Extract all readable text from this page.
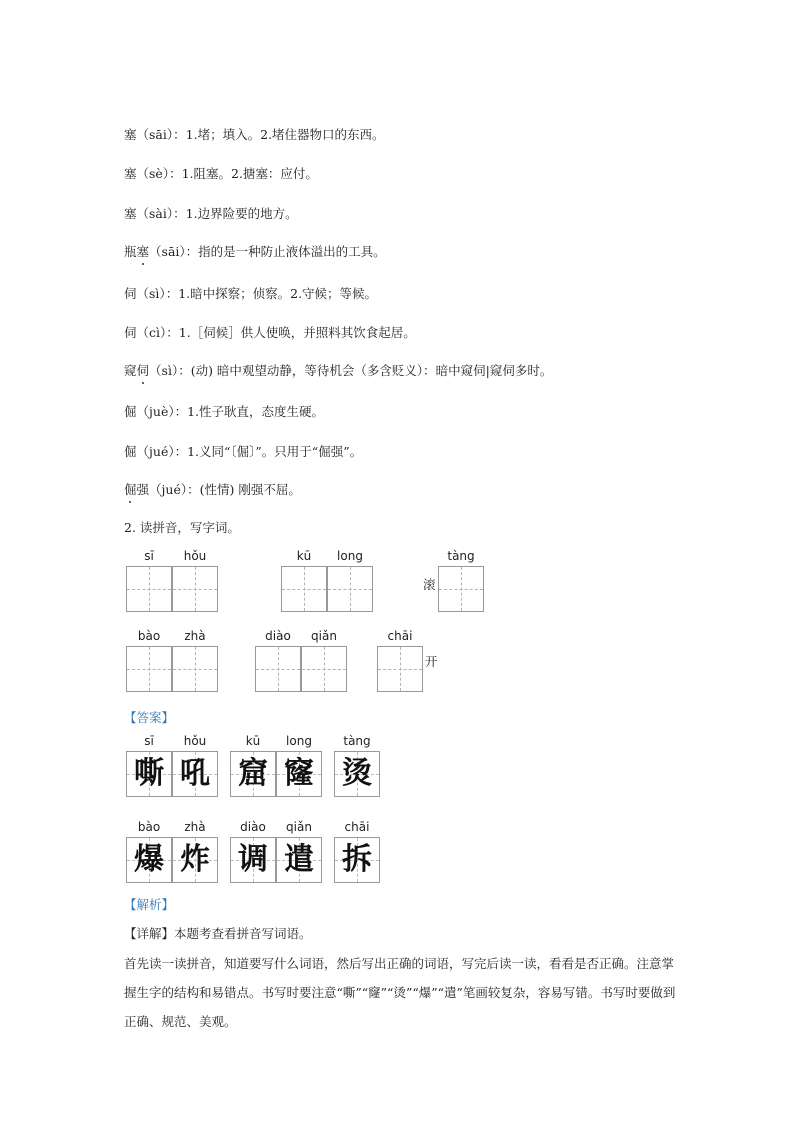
塞（sāi）：1.堵；填入。2.堵住器物口的东西。
塞（sè）：1.阻塞。2.搪塞：应付。
塞（sài）：1.边界险要的地方。
瓶塞
（sāi）：指的是一种防止液体溢出的工具。
伺（sì）：1.暗中探察；侦察。2.守候；等候。
伺（cì）：1.［伺候］供人使唤，并照料其饮食起居。
窥伺
（sì）：(动) 暗中观望动静，等待机会（多含贬义）：暗中窥伺|窥伺多时。
倔（juè）：1.性子耿直，态度生硬。
倔（jué）：1.义同“〔倔〕”。只用于“倔强”。
倔
强（jué）：(性情) 刚强不屈。
2. 读拼音，写字词。
sī	hǒu	kū	long
滚
tàng
bào	zhà	diào	qiǎn	chāi
开
【答案】
sī	hǒu
嘶 吼
kū	long
窟 窿
tàng
烫
bào	zhà
爆 炸
diào	qiǎn
调 遣
chāi
拆
【解析】
【详解】本题考查看拼音写词语。
首先读一读拼音，知道要写什么词语，然后写出正确的词语，写完后读一读，看看是否正确。注意掌握生字的结构和易错点。书写时要注意“嘶”“窿”“烫”“爆”“遣”笔画较复杂，容易写错。书写时要做到正确、规范、美观。
